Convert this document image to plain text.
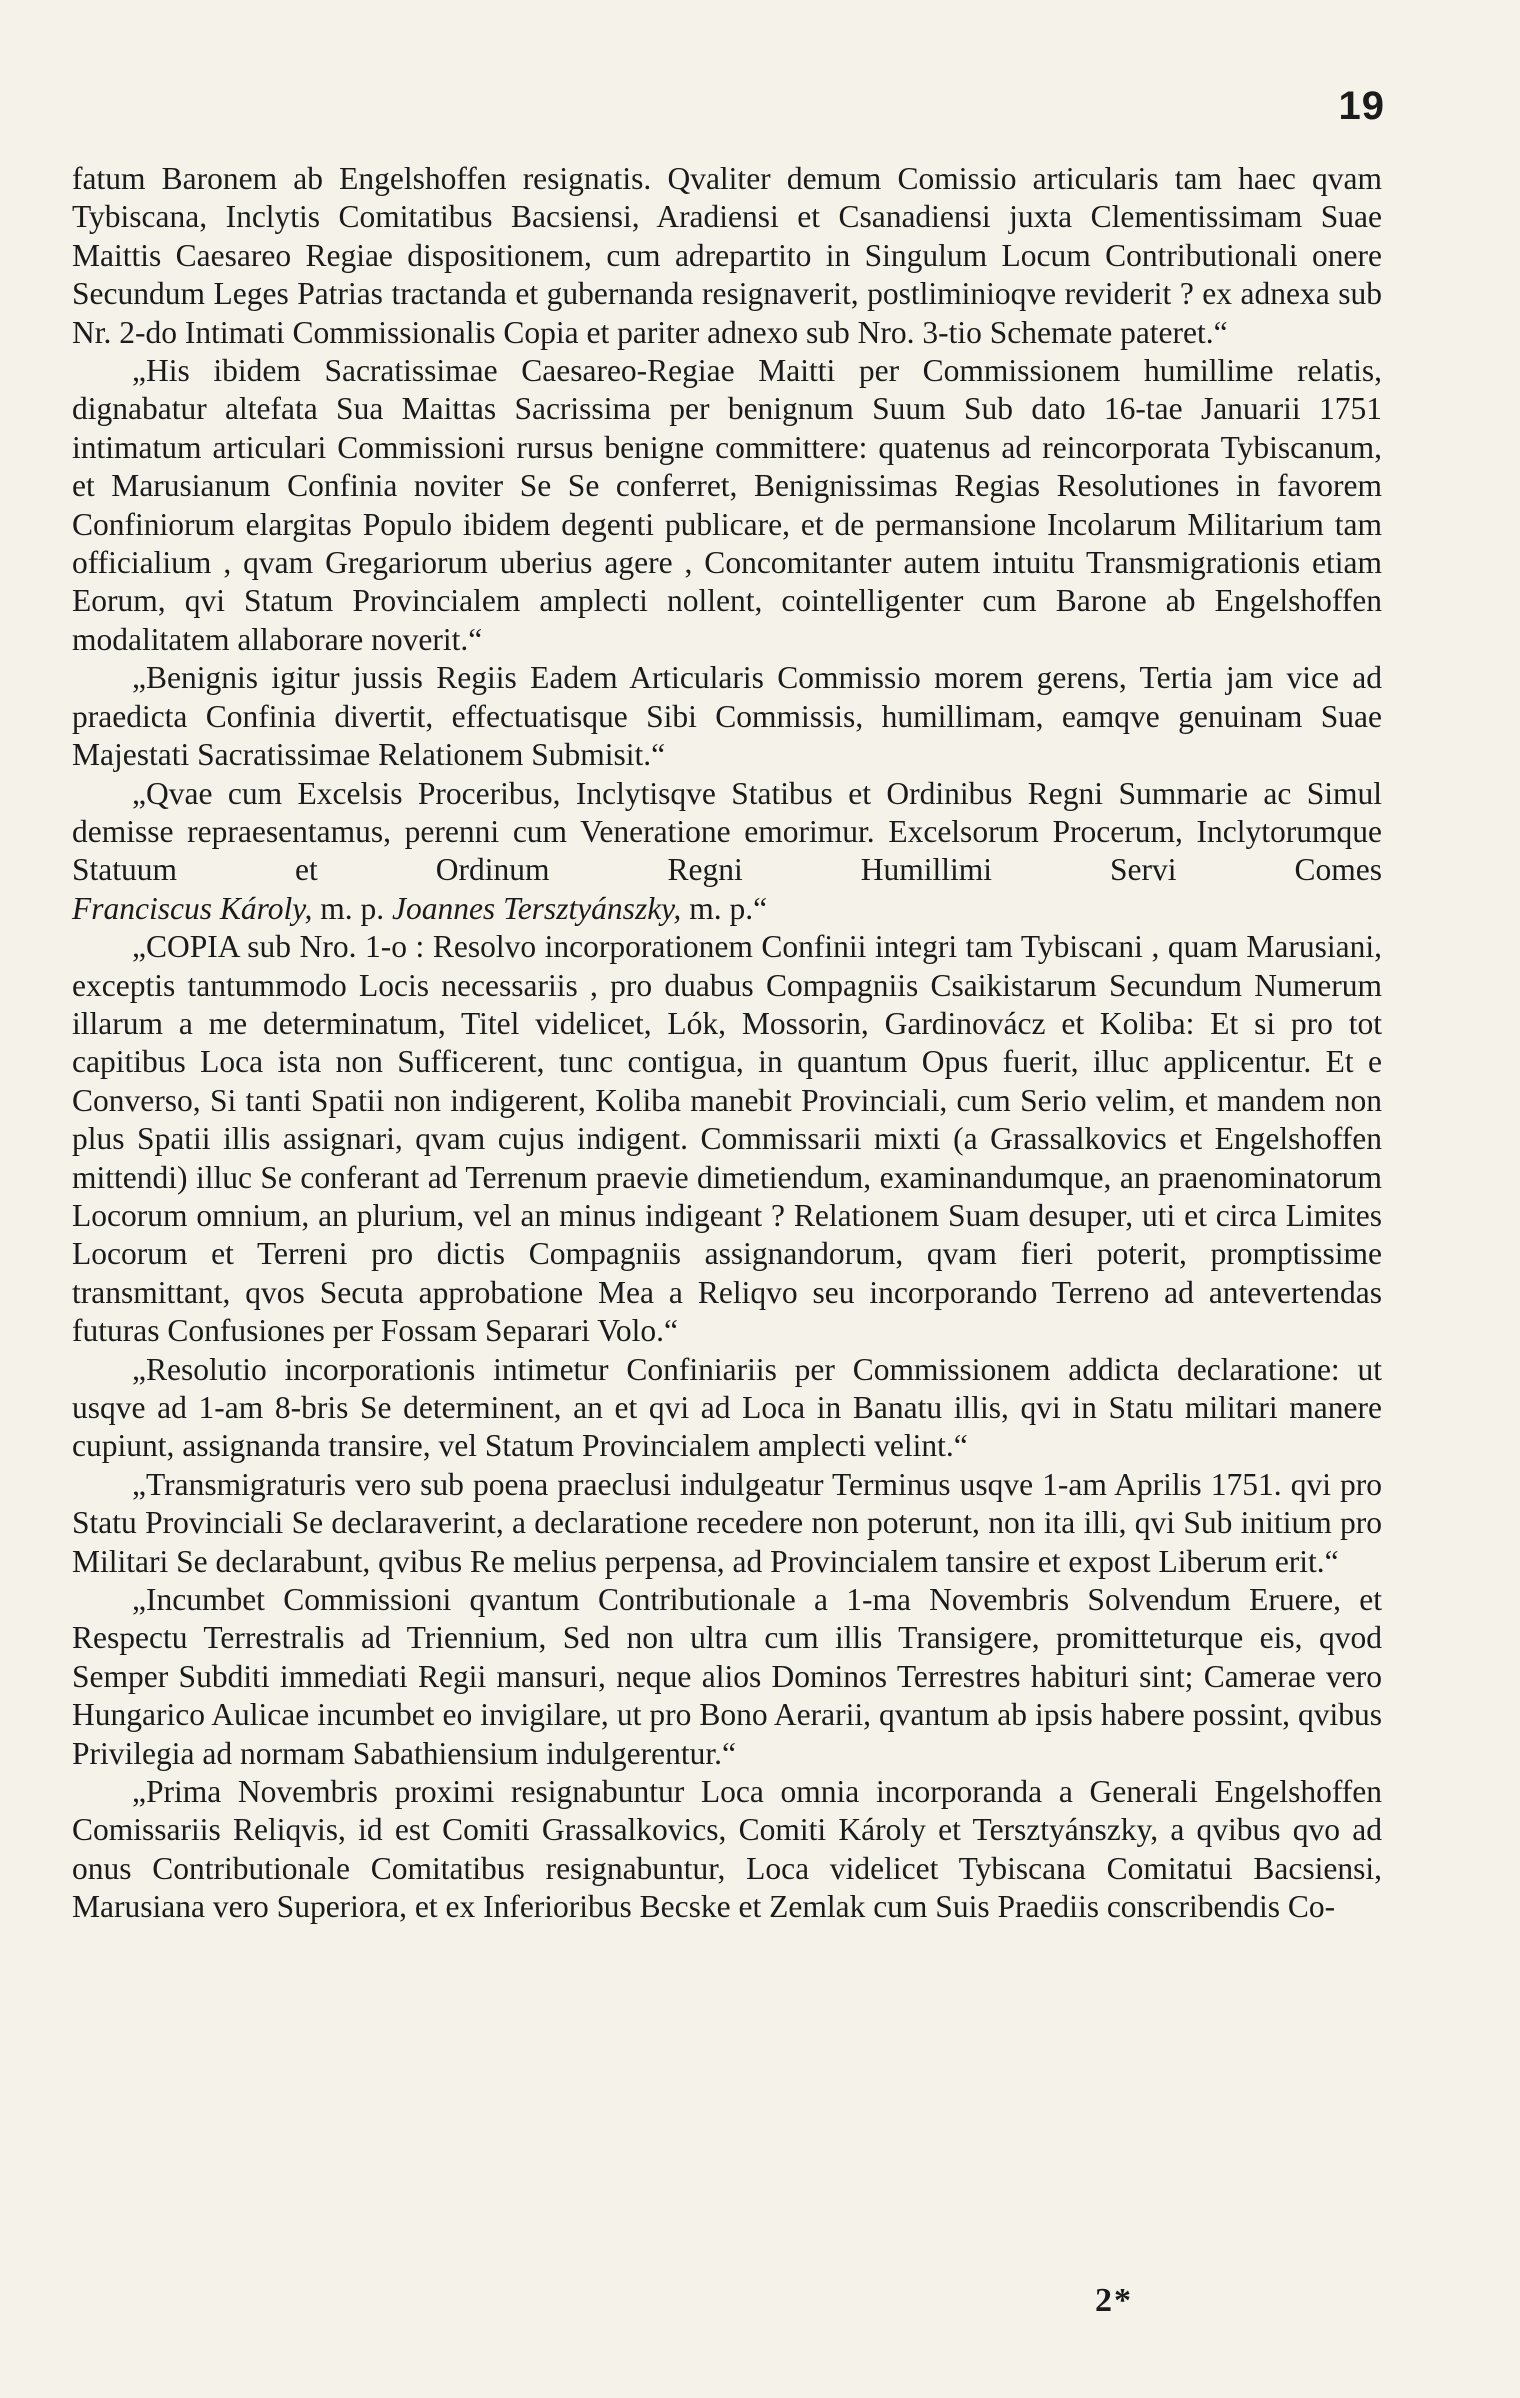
19

fatum Baronem ab Engelshoffen resignatis. Qvaliter demum Comissio articularis tam haec qvam Tybiscana, Inclytis Comitatibus Bacsiensi, Aradiensi et Csanadiensi juxta Clementissimam Suae Maittis Caesareo Regiae dispositionem, cum adrepartito in Singulum Locum Contributionali onere Secundum Leges Patrias tractanda et gubernanda resignaverit, postliminioqve reviderit ? ex adnexa sub Nr. 2-do Intimati Commissionalis Copia et pariter adnexo sub Nro. 3-tio Schemate pateret.“

„His ibidem Sacratissimae Caesareo-Regiae Maitti per Commissionem humillime relatis, dignabatur altefata Sua Maittas Sacrissima per benignum Suum Sub dato 16-tae Januarii 1751 intimatum articulari Commissioni rursus benigne committere: quatenus ad reincorporata Tybiscanum, et Marusianum Confinia noviter Se Se conferret, Benignissimas Regias Resolutiones in favorem Confiniorum elargitas Populo ibidem degenti publicare, et de permansione Incolarum Militarium tam officialium , qvam Gregariorum uberius agere , Concomitanter autem intuitu Transmigrationis etiam Eorum, qvi Statum Provincialem amplecti nollent, cointelligenter cum Barone ab Engelshoffen modalitatem allaborare noverit.“

„Benignis igitur jussis Regiis Eadem Articularis Commissio morem gerens, Tertia jam vice ad praedicta Confinia divertit, effectuatisque Sibi Commissis, humillimam, eamqve genuinam Suae Majestati Sacratissimae Relationem Submisit.“

„Qvae cum Excelsis Proceribus, Inclytisqve Statibus et Ordinibus Regni Summarie ac Simul demisse repraesentamus, perenni cum Veneratione emorimur. Excelsorum Procerum, Inclytorumque Statuum et Ordinum Regni Humillimi Servi Comes Franciscus Károly, m. p. Joannes Tersztyánszky, m. p.“

„COPIA sub Nro. 1-o : Resolvo incorporationem Confinii integri tam Tybiscani , quam Marusiani, exceptis tantummodo Locis necessariis , pro duabus Compagniis Csaikistarum Secundum Numerum illarum a me determinatum, Titel videlicet, Lók, Mossorin, Gardinovácz et Koliba: Et si pro tot capitibus Loca ista non Sufficerent, tunc contigua, in quantum Opus fuerit, illuc applicentur. Et e Converso, Si tanti Spatii non indigerent, Koliba manebit Provinciali, cum Serio velim, et mandem non plus Spatii illis assignari, qvam cujus indigent. Commissarii mixti (a Grassalkovics et Engelshoffen mittendi) illuc Se conferant ad Terrenum praevie dimetiendum, examinandumque, an praenominatorum Locorum omnium, an plurium, vel an minus indigeant ? Relationem Suam desuper, uti et circa Limites Locorum et Terreni pro dictis Compagniis assignandorum, qvam fieri poterit, promptissime transmittant, qvos Secuta approbatione Mea a Reliqvo seu incorporando Terreno ad antevertendas futuras Confusiones per Fossam Separari Volo.“

„Resolutio incorporationis intimetur Confiniariis per Commissionem addicta declaratione: ut usqve ad 1-am 8-bris Se determinent, an et qvi ad Loca in Banatu illis, qvi in Statu militari manere cupiunt, assignanda transire, vel Statum Provincialem amplecti velint.“

„Transmigraturis vero sub poena praeclusi indulgeatur Terminus usqve 1-am Aprilis 1751. qvi pro Statu Provinciali Se declaraverint, a declaratione recedere non poterunt, non ita illi, qvi Sub initium pro Militari Se declarabunt, qvibus Re melius perpensa, ad Provincialem tansire et expost Liberum erit.“

„Incumbet Commissioni qvantum Contributionale a 1-ma Novembris Solvendum Eruere, et Respectu Terrestralis ad Triennium, Sed non ultra cum illis Transigere, promitteturque eis, qvod Semper Subditi immediati Regii mansuri, neque alios Dominos Terrestres habituri sint; Camerae vero Hungarico Aulicae incumbet eo invigilare, ut pro Bono Aerarii, qvantum ab ipsis habere possint, qvibus Privilegia ad normam Sabathiensium indulgerentur.“

„Prima Novembris proximi resignabuntur Loca omnia incorporanda a Generali Engelshoffen Comissariis Reliqvis, id est Comiti Grassalkovics, Comiti Károly et Tersztyánszky, a qvibus qvo ad onus Contributionale Comitatibus resignabuntur, Loca videlicet Tybiscana Comitatui Bacsiensi, Marusiana vero Superiora, et ex Inferioribus Becske et Zemlak cum Suis Praediis conscribendis Co-

2*
